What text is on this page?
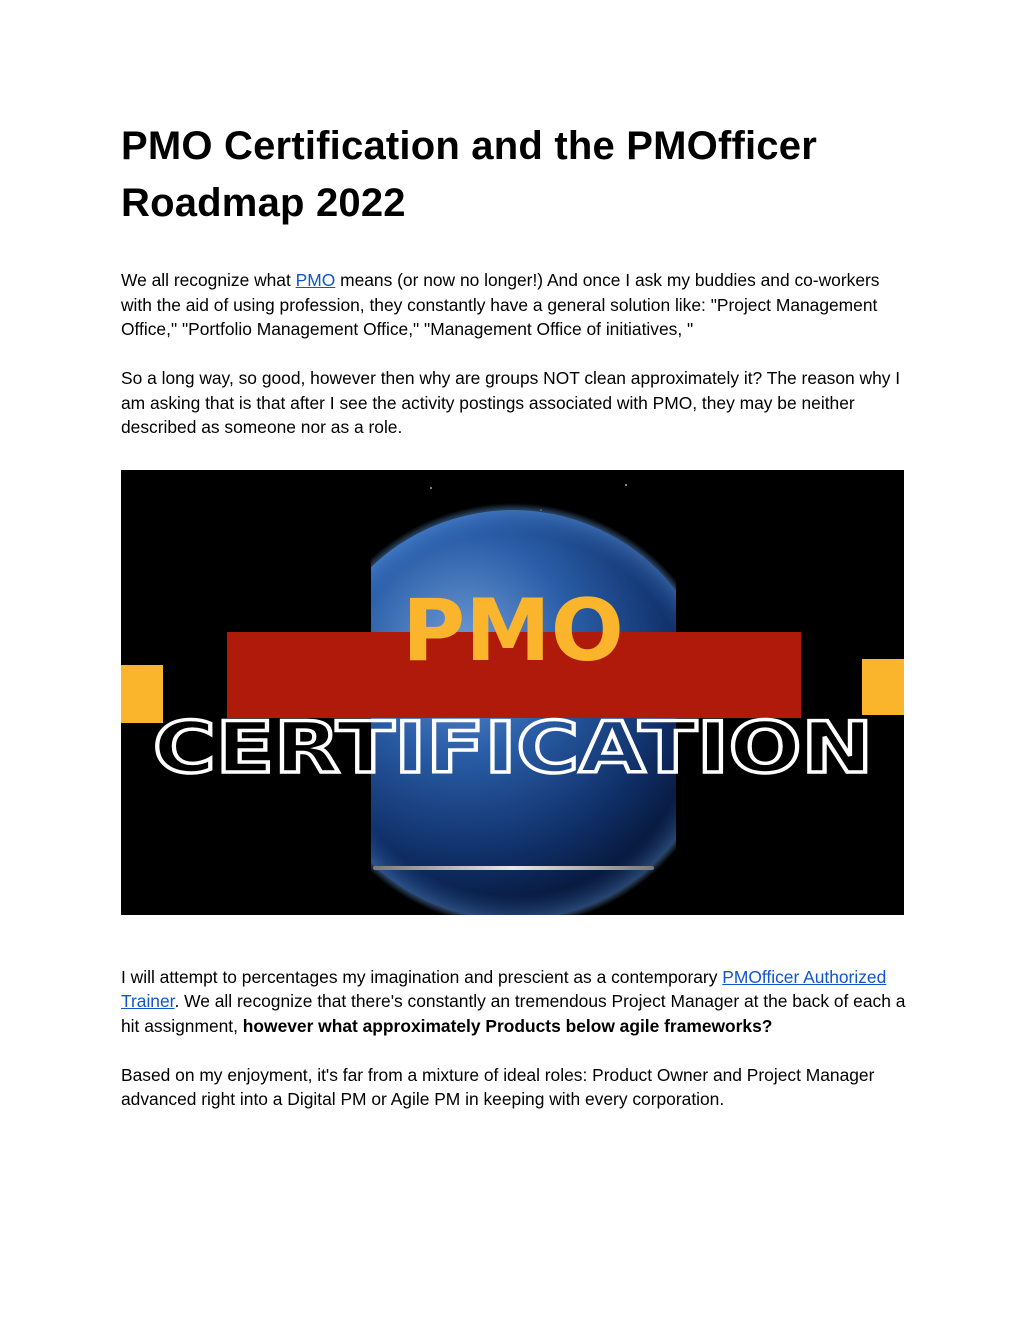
PMO Certification and the PMOfficer Roadmap 2022

We all recognize what PMO means (or now no longer!) And once I ask my buddies and co-workers with the aid of using profession, they constantly have a general solution like: "Project Management Office," "Portfolio Management Office," "Management Office of initiatives, "

So a long way, so good, however then why are groups NOT clean approximately it? The reason why I am asking that is that after I see the activity postings associated with PMO, they may be neither described as someone nor as a role.

PMO
CERTIFICATION

I will attempt to percentages my imagination and prescient as a contemporary PMOfficer Authorized Trainer. We all recognize that there's constantly an tremendous Project Manager at the back of each a hit assignment, however what approximately Products below agile frameworks?

Based on my enjoyment, it's far from a mixture of ideal roles: Product Owner and Project Manager advanced right into a Digital PM or Agile PM in keeping with every corporation.
